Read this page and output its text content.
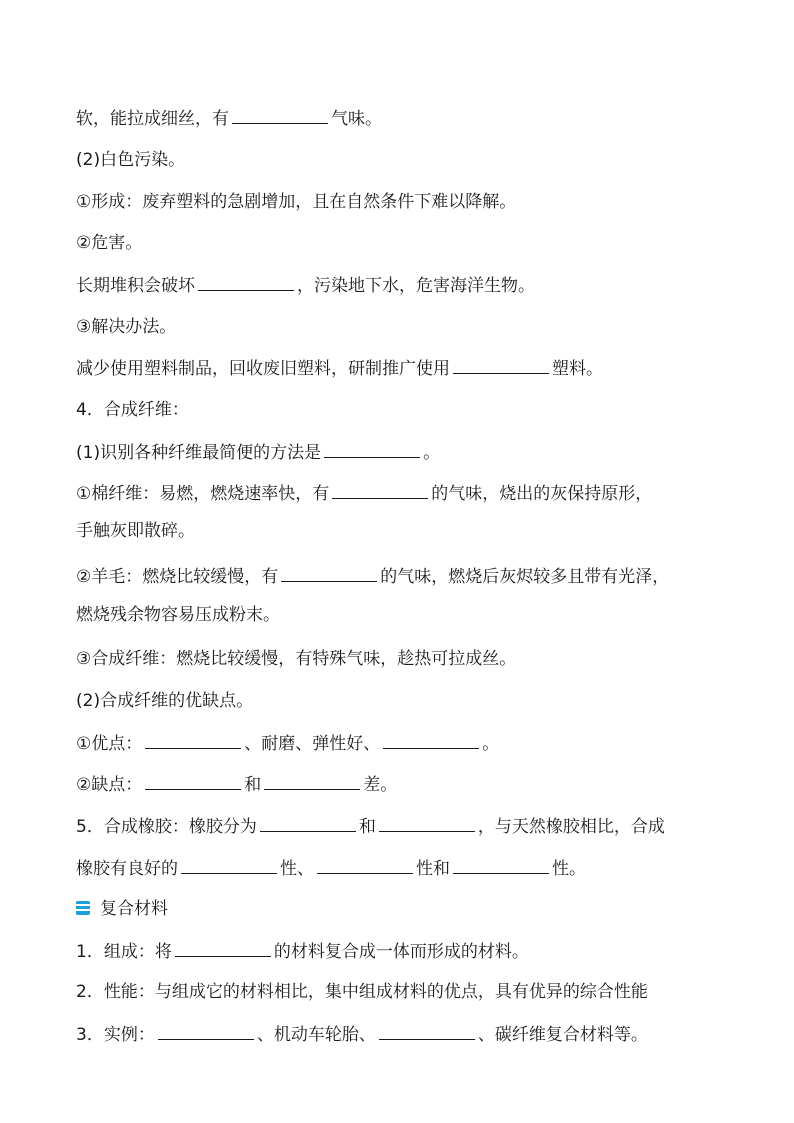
软，能拉成细丝，有	气味。
(2)白色污染。
①形成：废弃塑料的急剧增加，且在自然条件下难以降解。
②危害。
长期堆积会破坏	，污染地下水，危害海洋生物。
③解决办法。
减少使用塑料制品，回收废旧塑料，研制推广使用	塑料。
4．合成纤维：
(1)识别各种纤维最简便的方法是	。
①棉纤维：易燃，燃烧速率快，有	的气味，烧出的灰保持原形，
手触灰即散碎。
②羊毛：燃烧比较缓慢，有	的气味，燃烧后灰烬较多且带有光泽，
燃烧残余物容易压成粉末。
③合成纤维：燃烧比较缓慢，有特殊气味，趁热可拉成丝。
(2)合成纤维的优缺点。
①优点：	、耐磨、弹性好、	。
②缺点：	和	差。
5．合成橡胶：橡胶分为	和	，与天然橡胶相比，合成
橡胶有良好的	性、	性和	性。
复合材料
1．组成：将	的材料复合成一体而形成的材料。
2．性能：与组成它的材料相比，集中组成材料的优点，具有优异的综合性能
3．实例：	、机动车轮胎、	、碳纤维复合材料等。
